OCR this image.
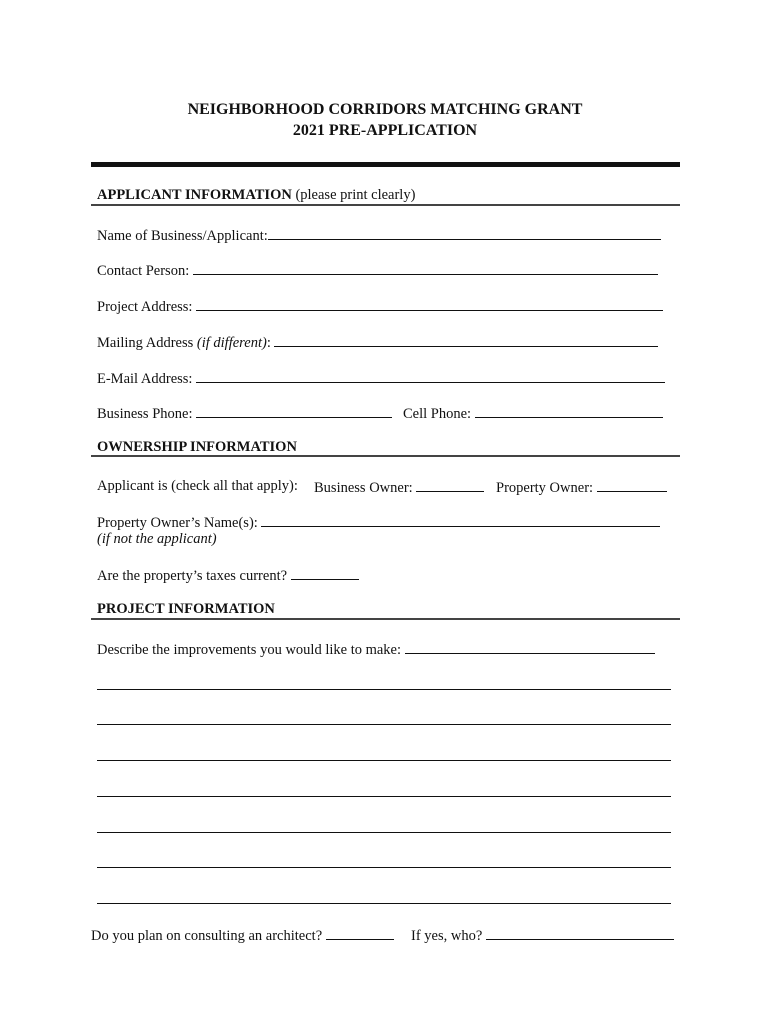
NEIGHBORHOOD CORRIDORS MATCHING GRANT
2021 PRE-APPLICATION
APPLICANT INFORMATION (please print clearly)
Name of Business/Applicant:
Contact Person:
Project Address:
Mailing Address (if different):
E-Mail Address:
Business Phone:	Cell Phone:
OWNERSHIP INFORMATION
Applicant is (check all that apply): Business Owner:	Property Owner:
Property Owner’s Name(s):
(if not the applicant)
Are the property’s taxes current?
PROJECT INFORMATION
Describe the improvements you would like to make:
Do you plan on consulting an architect?	If yes, who?
